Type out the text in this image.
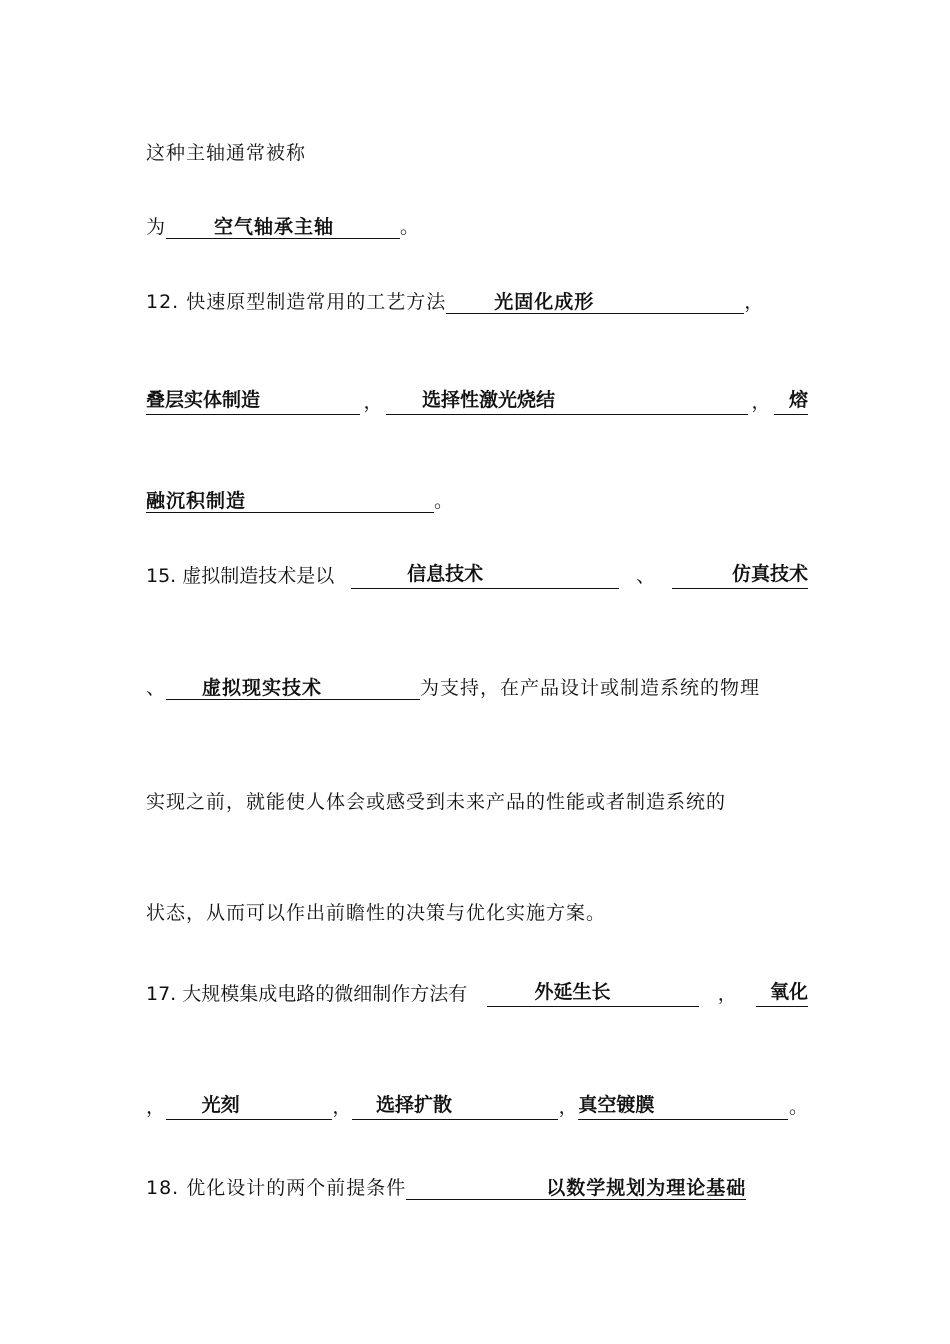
这种主轴通常被称
为	空气轴承主轴	。
12. 快速原型制造常用的工艺方法	光固化成形	，
叠层实体制造	，	选择性激光烧结	， 熔
融沉积制造	。
15. 虚拟制造技术是以	信息技术	、	仿真技术
、 虚拟现实技术	为支持，在产品设计或制造系统的物理
实现之前，就能使人体会或感受到未来产品的性能或者制造系统的
状态，从而可以作出前瞻性的决策与优化实施方案。
17. 大规模集成电路的微细制作方法有	外延生长	，	氧化
，	光刻	，	选择扩散	， 真空镀膜	。
18. 优化设计的两个前提条件	以数学规划为理论基础
